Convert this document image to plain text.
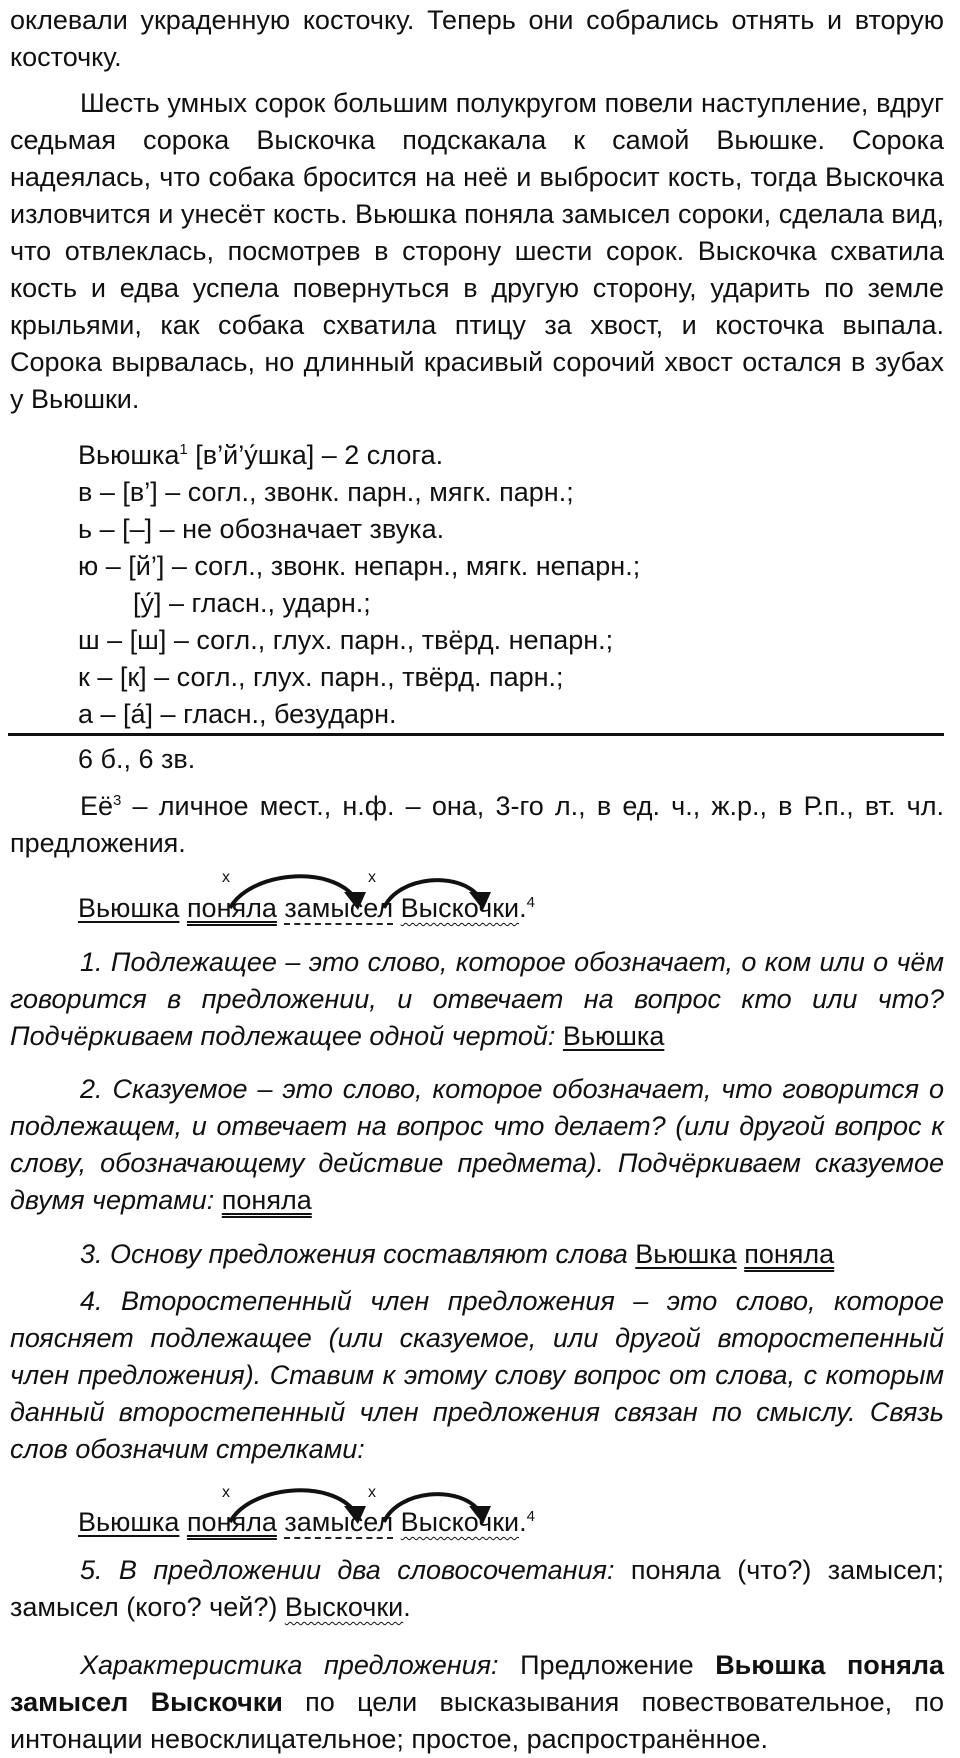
оклевали украденную косточку. Теперь они собрались отнять и вторую косточку.

Шесть умных сорок большим полукругом повели наступление, вдруг седьмая сорока Выскочка подскакала к самой Вьюшке. Сорока надеялась, что собака бросится на неё и выбросит кость, тогда Выскочка изловчится и унесёт кость. Вьюшка поняла замысел сороки, сделала вид, что отвлеклась, посмотрев в сторону шести сорок. Выскочка схватила кость и едва успела повернуться в другую сторону, ударить по земле крыльями, как собака схватила птицу за хвост, и косточка выпала. Сорока вырвалась, но длинный красивый сорочий хвост остался в зубах у Вьюшки.

Вьюшка$^1$ [в’й’у́шка] – 2 слога.
в – [в’] – согл., звонк. парн., мягк. парн.;
ь – [–] – не обозначает звука.
ю – [й’] – согл., звонк. непарн., мягк. непарн.;
[у́] – гласн., ударн.;
ш – [ш] – согл., глух. парн., твёрд. непарн.;
к – [к] – согл., глух. парн., твёрд. парн.;
а – [а́] – гласн., безударн.
6 б., 6 зв.

$Её^3$ – личное мест., н.ф. – она, 3-го л., в ед. ч., ж.р., в Р.п., вт. чл. предложения.

х	х
Вьюшка поняла замысел Выскочки.$^4$

1. Подлежащее – это слово, которое обозначает, о ком или о чём говорится в предложении, и отвечает на вопрос кто или что? Подчёркиваем подлежащее одной чертой: Вьюшка

2. Сказуемое – это слово, которое обозначает, что говорится о подлежащем, и отвечает на вопрос что делает? (или другой вопрос к слову, обозначающему действие предмета). Подчёркиваем сказуемое двумя чертами: поняла

3. Основу предложения составляют слова Вьюшка поняла

4. Второстепенный член предложения – это слово, которое поясняет подлежащее (или сказуемое, или другой второстепенный член предложения). Ставим к этому слову вопрос от слова, с которым данный второстепенный член предложения связан по смыслу. Связь слов обозначим стрелками:

х	х
Вьюшка поняла замысел Выскочки.$^4$

5. В предложении два словосочетания: поняла (что?) замысел; замысел (кого? чей?) Выскочки.

Характеристика предложения: Предложение Вьюшка поняла замысел Выскочки по цели высказывания повествовательное, по интонации невосклицательное; простое, распространённое.
